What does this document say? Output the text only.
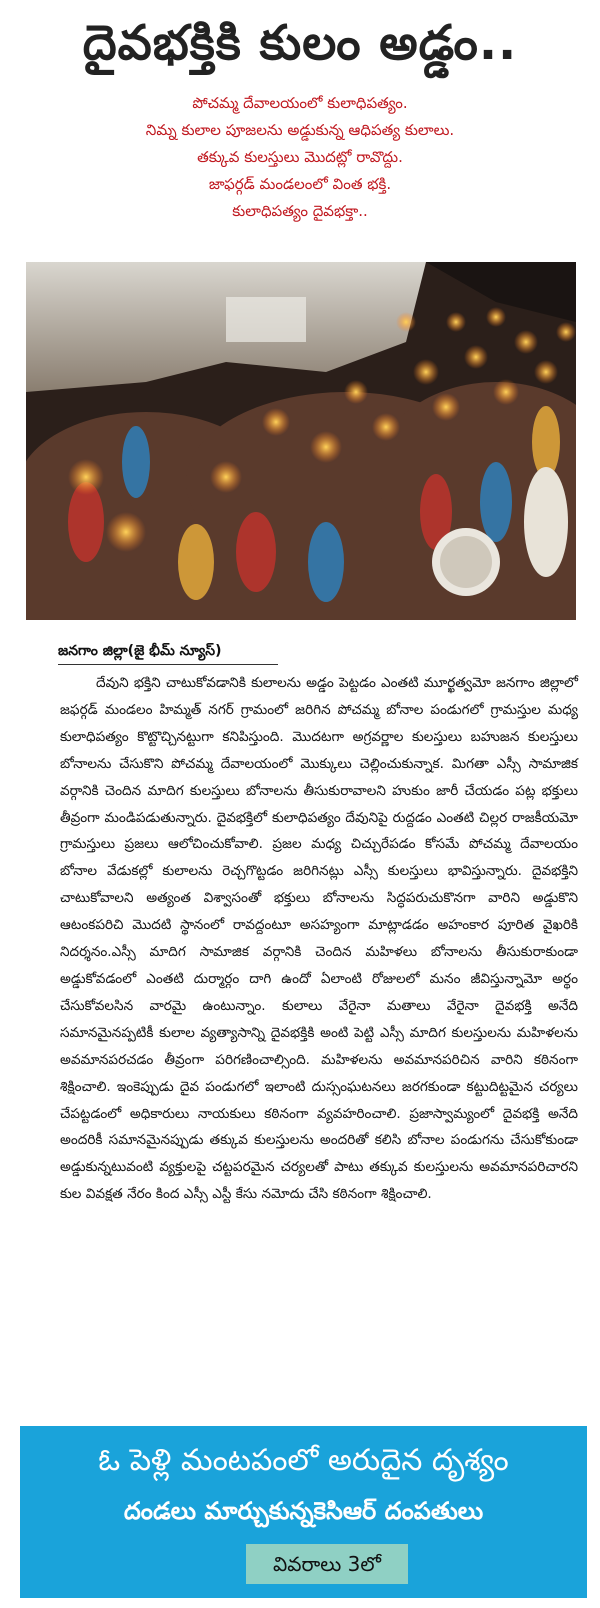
దైవభక్తికి కులం అడ్డం..
పోచమ్మ దేవాలయంలో కులాధిపత్యం.
నిమ్న కులాల పూజలను అడ్డుకున్న ఆధిపత్య కులాలు.
తక్కువ కులస్తులు మొదట్లో రావొద్దు.
జాఫర్గడ్ మండలంలో వింత భక్తి.
కులాధిపత్యం దైవభక్తా..
జనగాం జిల్లా(జై భీమ్ న్యూస్)

దేవుని భక్తిని చాటుకోవడానికి కులాలను అడ్డం పెట్టడం ఎంతటి మూర్ఖత్వమో జనగాం జిల్లాలో జఫర్గడ్ మండలం హిమ్మత్ నగర్ గ్రామంలో జరిగిన పోచమ్మ బోనాల పండుగలో గ్రామస్తుల మధ్య కులాధిపత్యం కొట్టొచ్చినట్టుగా కనిపిస్తుంది. మొదటగా అగ్రవర్ణాల కులస్తులు బహుజన కులస్తులు బోనాలను చేసుకొని పోచమ్మ దేవాలయంలో మొక్కులు చెల్లించుకున్నాక. మిగతా ఎస్సీ సామాజిక వర్గానికి చెందిన మాదిగ కులస్తులు బోనాలను తీసుకురావాలని హుకుం జారీ చేయడం పట్ల భక్తులు తీవ్రంగా మండిపడుతున్నారు. దైవభక్తిలో కులాధిపత్యం దేవునిపై రుద్దడం ఎంతటి చిల్లర రాజకీయమో గ్రామస్తులు ప్రజలు ఆలోచించుకోవాలి. ప్రజల మధ్య చిచ్చురేపడం కోసమే పోచమ్మ దేవాలయం బోనాల వేడుకల్లో కులాలను రెచ్చగొట్టడం జరిగినట్లు ఎస్సీ కులస్తులు భావిస్తున్నారు. దైవభక్తిని చాటుకోవాలని అత్యంత విశ్వాసంతో భక్తులు బోనాలను సిద్ధపరుచుకొనగా వారిని అడ్డుకొని ఆటంకపరిచి మొదటి స్థానంలో రావద్దంటూ అసహ్యంగా మాట్లాడడం అహంకార పూరిత వైఖరికి నిదర్శనం.ఎస్సీ మాదిగ సామాజిక వర్గానికి చెందిన మహిళలు బోనాలను తీసుకురాకుండా అడ్డుకోవడంలో ఎంతటి దుర్మార్గం దాగి ఉందో ఏలాంటి రోజులలో మనం జీవిస్తున్నామో అర్థం చేసుకోవలసిన వారమై ఉంటున్నాం. కులాలు వేరైనా మతాలు వేరైనా దైవభక్తి అనేది సమానమైనప్పటికీ కులాల వ్యత్యాసాన్ని దైవభక్తికి అంటి పెట్టి ఎస్సీ మాదిగ కులస్తులను మహిళలను అవమానపరచడం తీవ్రంగా పరిగణించాల్సింది. మహిళలను అవమానపరిచిన వారిని కఠినంగా శిక్షించాలి. ఇంకెప్పుడు దైవ పండుగలో ఇలాంటి దుస్సంఘటనలు జరగకుండా కట్టుదిట్టమైన చర్యలు చేపట్టడంలో అధికారులు నాయకులు కఠినంగా వ్యవహరించాలి. ప్రజాస్వామ్యంలో దైవభక్తి అనేది అందరికీ సమానమైనప్పుడు తక్కువ కులస్తులను అందరితో కలిసి బోనాల పండుగను చేసుకోకుండా అడ్డుకున్నటువంటి వ్యక్తులపై చట్టపరమైన చర్యలతో పాటు తక్కువ కులస్తులను అవమానపరిచారని కుల వివక్షత నేరం కింద ఎస్సీ ఎస్టీ కేసు నమోదు చేసి కఠినంగా శిక్షించాలి.

ఓ పెళ్లి మంటపంలో అరుదైన దృశ్యం
దండలు మార్చుకున్నకెసిఆర్ దంపతులు
వివరాలు 3లో
